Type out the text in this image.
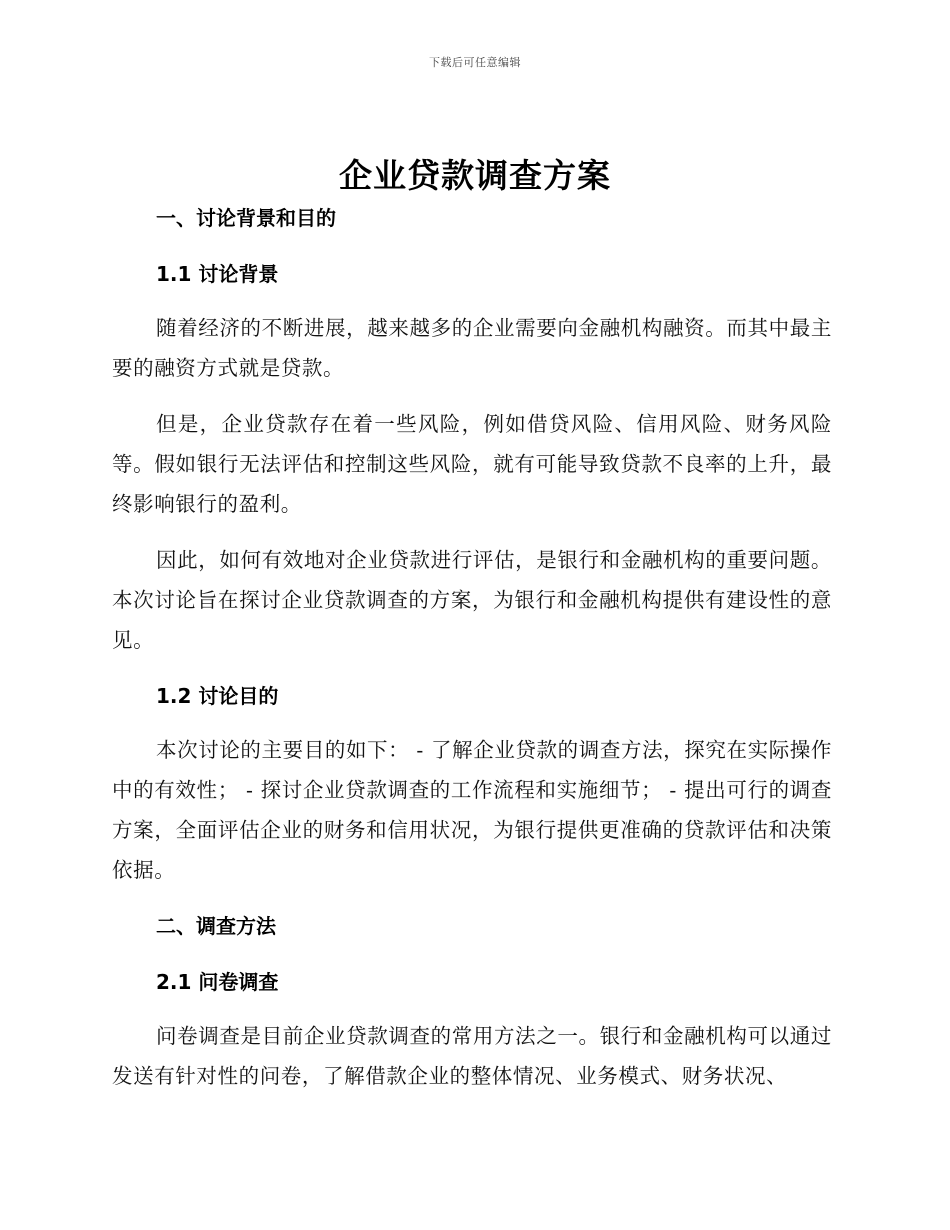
下载后可任意编辑
企业贷款调查方案
一、讨论背景和目的
1.1 讨论背景

随着经济的不断进展，越来越多的企业需要向金融机构融资。而其中最主要的融资方式就是贷款。

但是，企业贷款存在着一些风险，例如借贷风险、信用风险、财务风险等。假如银行无法评估和控制这些风险，就有可能导致贷款不良率的上升，最终影响银行的盈利。

因此，如何有效地对企业贷款进行评估，是银行和金融机构的重要问题。本次讨论旨在探讨企业贷款调查的方案，为银行和金融机构提供有建设性的意见。

1.2 讨论目的

本次讨论的主要目的如下： - 了解企业贷款的调查方法，探究在实际操作中的有效性； - 探讨企业贷款调查的工作流程和实施细节； - 提出可行的调查方案，全面评估企业的财务和信用状况，为银行提供更准确的贷款评估和决策依据。

二、调查方法
2.1 问卷调查

问卷调查是目前企业贷款调查的常用方法之一。银行和金融机构可以通过发送有针对性的问卷，了解借款企业的整体情况、业务模式、财务状况、
